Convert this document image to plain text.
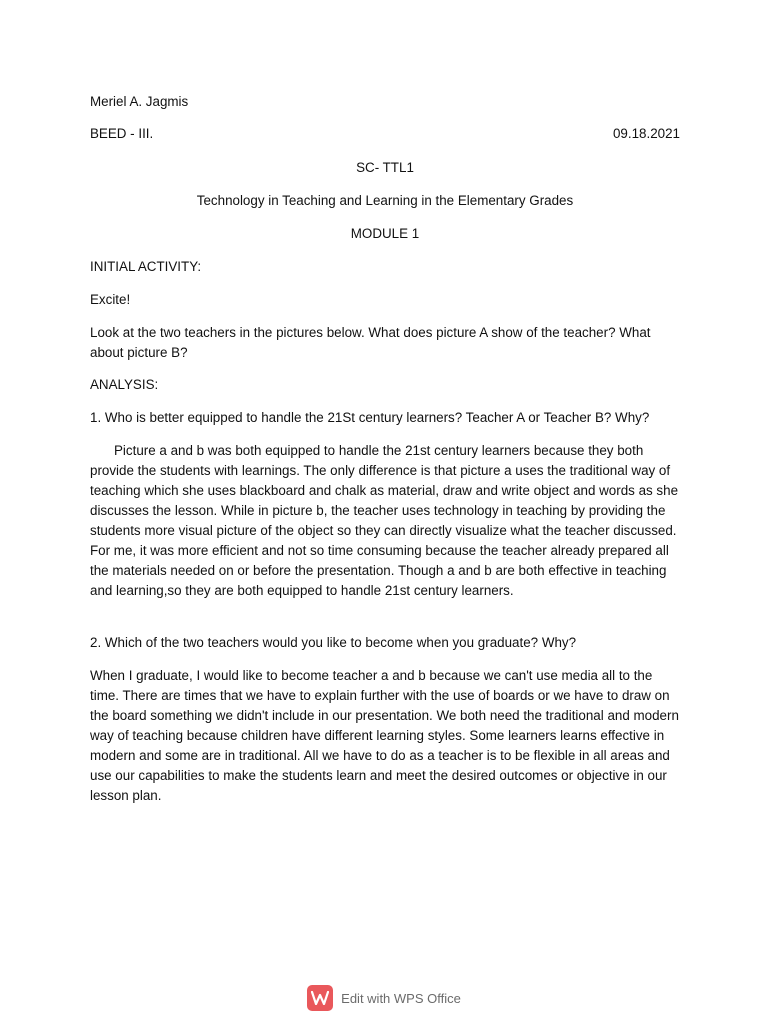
Meriel A. Jagmis
BEED - III.	09.18.2021
SC- TTL1
Technology in Teaching and Learning in the Elementary Grades
MODULE 1
INITIAL ACTIVITY:
Excite!
Look at the two teachers in the pictures below. What does picture A show of the teacher? What about picture B?
ANALYSIS:
1. Who is better equipped to handle the 21St century learners? Teacher A or Teacher B? Why?
Picture a and b was both equipped to handle the 21st century learners because they both provide the students with learnings. The only difference is that picture a uses the traditional way of teaching which she uses blackboard and chalk as material, draw and write object and words as she discusses the lesson. While in picture b, the teacher uses technology in teaching by providing the students more visual picture of the object so they can directly visualize what the teacher discussed. For me, it was more efficient and not so time consuming because the teacher already prepared all the materials needed on or before the presentation. Though a and b are both effective in teaching and learning,so they are both equipped to handle 21st century learners.
2. Which of the two teachers would you like to become when you graduate? Why?
When I graduate, I would like to become teacher a and b because we can't use media all to the time. There are times that we have to explain further with the use of boards or we have to draw on the board something we didn't include in our presentation. We both need the traditional and modern way of teaching because children have different learning styles. Some learners learns effective in modern and some are in traditional. All we have to do as a teacher is to be flexible in all areas and use our capabilities to make the students learn and meet the desired outcomes or objective in our lesson plan.
Edit with WPS Office
